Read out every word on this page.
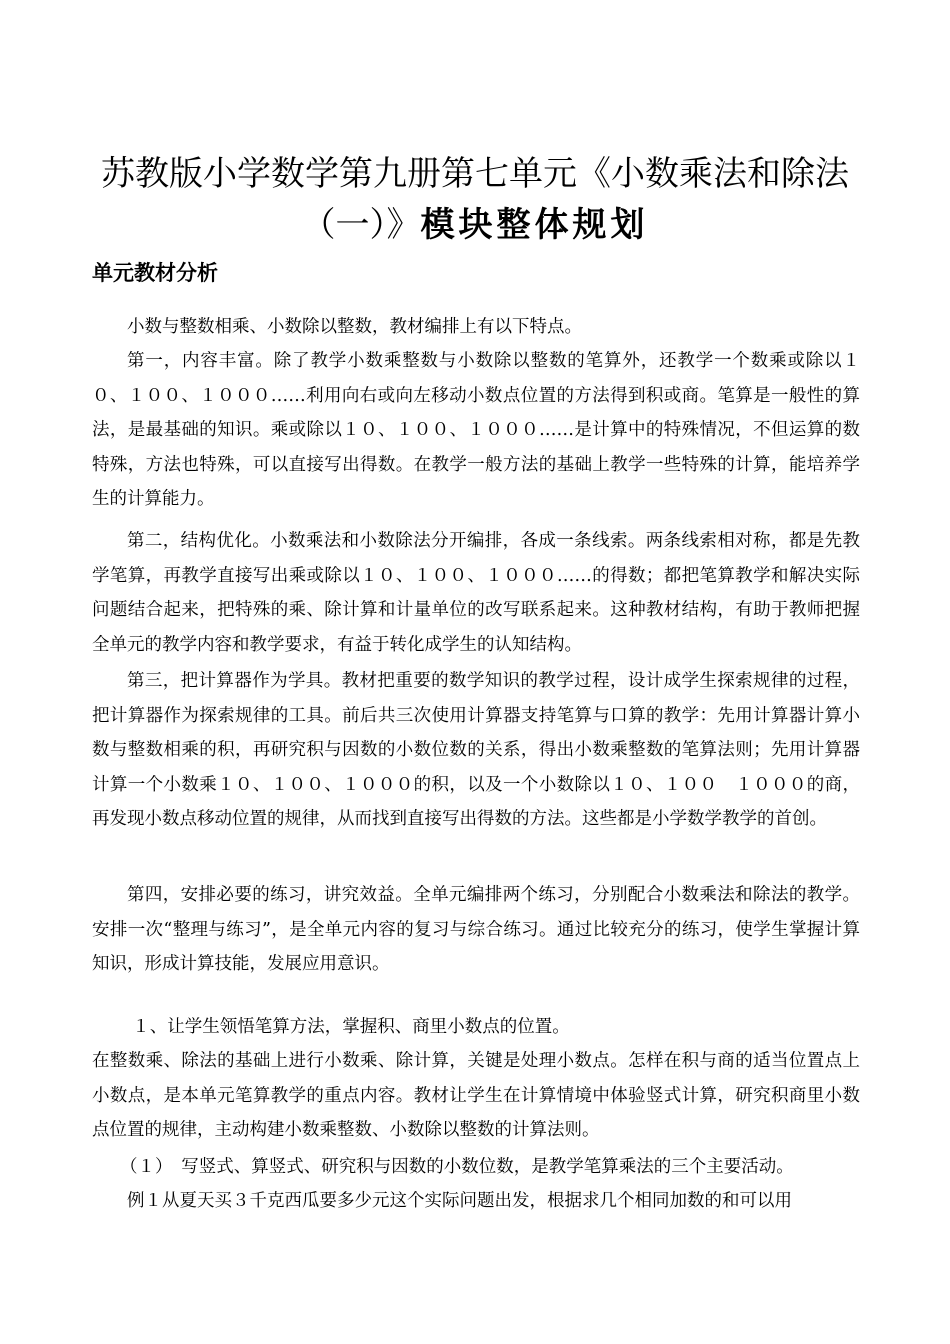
苏教版小学数学第九册第七单元《小数乘法和除法
（一）》模块整体规划
单元教材分析

小数与整数相乘、小数除以整数，教材编排上有以下特点。

第一，内容丰富。除了教学小数乘整数与小数除以整数的笔算外，还教学一个数乘或除以１０、１００、１０００……利用向右或向左移动小数点位置的方法得到积或商。笔算是一般性的算法，是最基础的知识。乘或除以１０、１００、１０００……是计算中的特殊情况，不但运算的数特殊，方法也特殊，可以直接写出得数。在教学一般方法的基础上教学一些特殊的计算，能培养学生的计算能力。

第二，结构优化。小数乘法和小数除法分开编排，各成一条线索。两条线索相对称，都是先教学笔算，再教学直接写出乘或除以１０、１００、１０００……的得数；都把笔算教学和解决实际问题结合起来，把特殊的乘、除计算和计量单位的改写联系起来。这种教材结构，有助于教师把握全单元的教学内容和教学要求，有益于转化成学生的认知结构。

第三，把计算器作为学具。教材把重要的数学知识的教学过程，设计成学生探索规律的过程，把计算器作为探索规律的工具。前后共三次使用计算器支持笔算与口算的教学：先用计算器计算小数与整数相乘的积，再研究积与因数的小数位数的关系，得出小数乘整数的笔算法则；先用计算器计算一个小数乘１０、１００、１０００的积，以及一个小数除以１０、１００　１０００的商，再发现小数点移动位置的规律，从而找到直接写出得数的方法。这些都是小学数学教学的首创。

第四，安排必要的练习，讲究效益。全单元编排两个练习，分别配合小数乘法和除法的教学。安排一次“整理与练习”，是全单元内容的复习与综合练习。通过比较充分的练习，使学生掌握计算知识，形成计算技能，发展应用意识。

１、让学生领悟笔算方法，掌握积、商里小数点的位置。

在整数乘、除法的基础上进行小数乘、除计算，关键是处理小数点。怎样在积与商的适当位置点上小数点，是本单元笔算教学的重点内容。教材让学生在计算情境中体验竖式计算，研究积商里小数点位置的规律，主动构建小数乘整数、小数除以整数的计算法则。

（１）　写竖式、算竖式、研究积与因数的小数位数，是教学笔算乘法的三个主要活动。

例１从夏天买３千克西瓜要多少元这个实际问题出发，根据求几个相同加数的和可以用
